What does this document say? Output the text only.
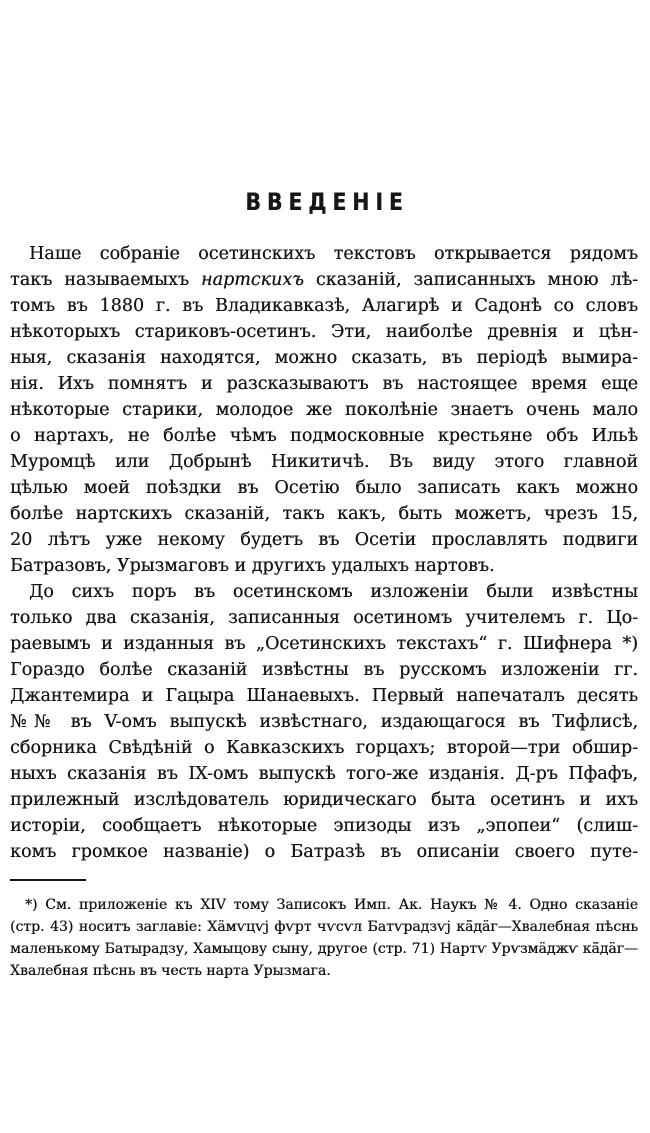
ВВЕДЕНІЕ
Наше собраніе осетинскихъ текстовъ открывается рядомъ
такъ называемыхъ нартскихъ сказаній, записанныхъ мною лѣ-
томъ въ 1880 г. въ Владикавказѣ, Алагирѣ и Садонѣ со словъ
нѣкоторыхъ стариковъ-осетинъ. Эти, наиболѣе древнія и цѣн-
ныя, сказанія находятся, можно сказать, въ періодѣ вымира-
нія. Ихъ помнятъ и разсказываютъ въ настоящее время еще
нѣкоторые старики, молодое же поколѣніе знаетъ очень мало
о нартахъ, не болѣе чѣмъ подмосковные крестьяне объ Ильѣ
Муромцѣ или Добрынѣ Никитичѣ. Въ виду этого главной
цѣлью моей поѣздки въ Осетію было записать какъ можно
болѣе нартскихъ сказаній, такъ какъ, быть можетъ, чрезъ 15,
20 лѣтъ уже некому будетъ въ Осетіи прославлять подвиги
Батразовъ, Урызмаговъ и другихъ удалыхъ нартовъ.
До сихъ поръ въ осетинскомъ изложеніи были извѣстны
только два сказанія, записанныя осетиномъ учителемъ г. Цо-
раевымъ и изданныя въ „Осетинскихъ текстахъ“ г. Шифнера *)
Гораздо болѣе сказаній извѣстны въ русскомъ изложеніи гг.
Джантемира и Гацыра Шанаевыхъ. Первый напечаталъ десять
№№ въ V-омъ выпускѣ извѣстнаго, издающагося въ Тифлисѣ,
сборника Свѣдѣній о Кавказскихъ горцахъ; второй—три обшир-
ныхъ сказанія въ IX-омъ выпускѣ того-же изданія. Д-ръ Пфафъ,
прилежный изслѣдователь юридическаго быта осетинъ и ихъ
исторіи, сообщаетъ нѣкоторые эпизоды изъ „эпопеи“ (слиш-
комъ громкое названіе) о Батразѣ въ описаніи своего путе-
*) См. приложеніе къ XIV тому Записокъ Имп. Ак. Наукъ № 4. Одно сказаніе
(стр. 43) носитъ заглавіе: Хӓмѵцѵj фѵрт чѵсѵл Батѵрадзѵj кӓ̄дӓг—Хвалебная пѣснь
маленькому Батырадзу, Хамыцову сыну, другое (стр. 71) Нартѵ Урѵзмӓджѵ кӓ̄дӓг—
Хвалебная пѣснь въ честь нарта Урызмага.
